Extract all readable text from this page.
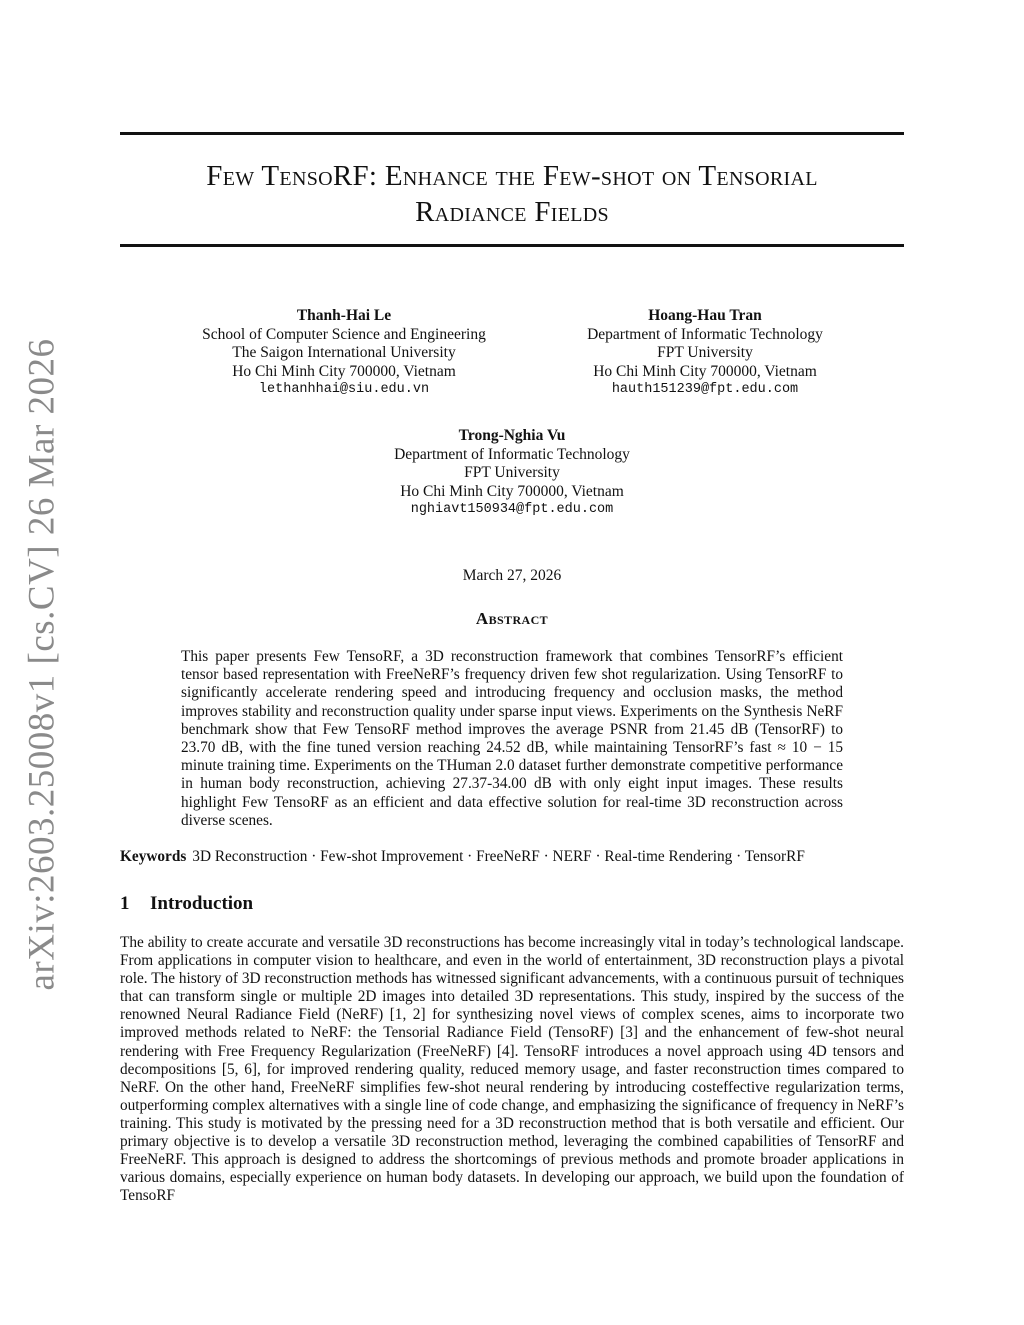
arXiv:2603.25008v1 [cs.CV] 26 Mar 2026
Few TensoRF: Enhance the Few-shot on Tensorial
Radiance Fields
Thanh-Hai Le
School of Computer Science and Engineering
The Saigon International University
Ho Chi Minh City 700000, Vietnam
lethanhhai@siu.edu.vn
Hoang-Hau Tran
Department of Informatic Technology
FPT University
Ho Chi Minh City 700000, Vietnam
hauth151239@fpt.edu.com
Trong-Nghia Vu
Department of Informatic Technology
FPT University
Ho Chi Minh City 700000, Vietnam
nghiavt150934@fpt.edu.com
March 27, 2026
Abstract
This paper presents Few TensoRF, a 3D reconstruction framework that combines TensorRF’s efficient tensor based representation with FreeNeRF’s frequency driven few shot regularization. Using TensorRF to significantly accelerate rendering speed and introducing frequency and occlusion masks, the method improves stability and reconstruction quality under sparse input views. Experiments on the Synthesis NeRF benchmark show that Few TensoRF method improves the average PSNR from 21.45 dB (TensorRF) to 23.70 dB, with the fine tuned version reaching 24.52 dB, while maintaining TensorRF’s fast ≈ 10 − 15 minute training time. Experiments on the THuman 2.0 dataset further demonstrate competitive performance in human body reconstruction, achieving 27.37-34.00 dB with only eight input images. These results highlight Few TensoRF as an efficient and data effective solution for real-time 3D reconstruction across diverse scenes.
Keywords 3D Reconstruction · Few-shot Improvement · FreeNeRF · NERF · Real-time Rendering · TensorRF
1 Introduction
The ability to create accurate and versatile 3D reconstructions has become increasingly vital in today’s technological landscape. From applications in computer vision to healthcare, and even in the world of entertainment, 3D reconstruction plays a pivotal role. The history of 3D reconstruction methods has witnessed significant advancements, with a continuous pursuit of techniques that can transform single or multiple 2D images into detailed 3D representations. This study, inspired by the success of the renowned Neural Radiance Field (NeRF) [1, 2] for synthesizing novel views of complex scenes, aims to incorporate two improved methods related to NeRF: the Tensorial Radiance Field (TensoRF) [3] and the enhancement of few-shot neural rendering with Free Frequency Regularization (FreeNeRF) [4]. TensoRF introduces a novel approach using 4D tensors and decompositions [5, 6], for improved rendering quality, reduced memory usage, and faster reconstruction times compared to NeRF. On the other hand, FreeNeRF simplifies few-shot neural rendering by introducing costeffective regularization terms, outperforming complex alternatives with a single line of code change, and emphasizing the significance of frequency in NeRF’s training. This study is motivated by the pressing need for a 3D reconstruction method that is both versatile and efficient. Our primary objective is to develop a versatile 3D reconstruction method, leveraging the combined capabilities of TensorRF and FreeNeRF. This approach is designed to address the shortcomings of previous methods and promote broader applications in various domains, especially experience on human body datasets. In developing our approach, we build upon the foundation of TensoRF
